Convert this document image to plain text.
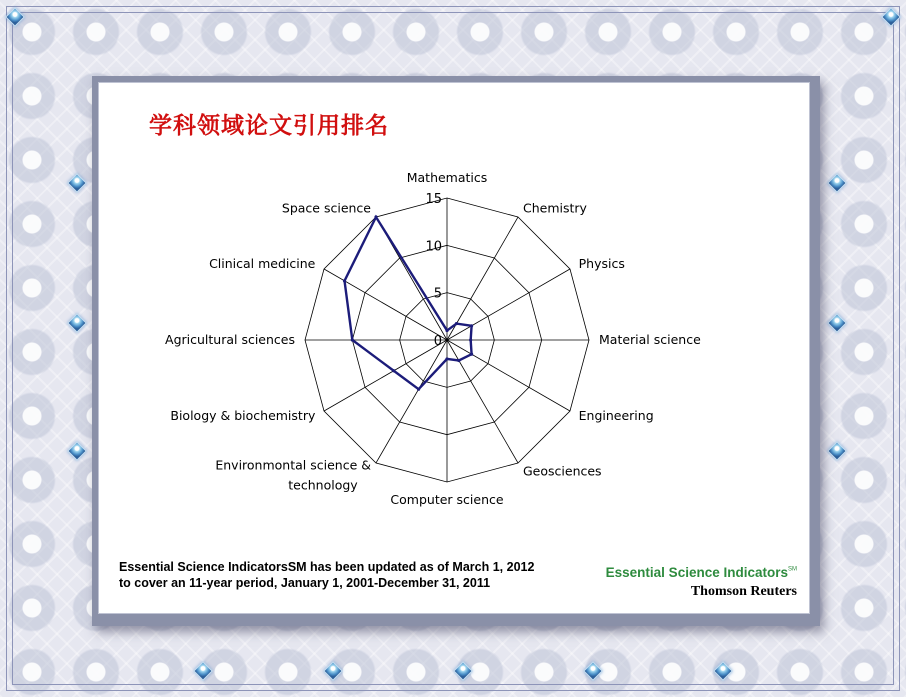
学科领域论文引用排名
0
5
10
15
Mathematics
Chemistry
Physics
Material science
Engineering
Geosciences
Computer science
Environmontal science & technology
Biology & biochemistry
Agricultural sciences
Clinical medicine
Space science
Essential Science IndicatorsSM has been updated as of March 1, 2012
to cover an 11-year period, January 1, 2001-December 31, 2011
Essential Science Indicators℠
Thomson Reuters
